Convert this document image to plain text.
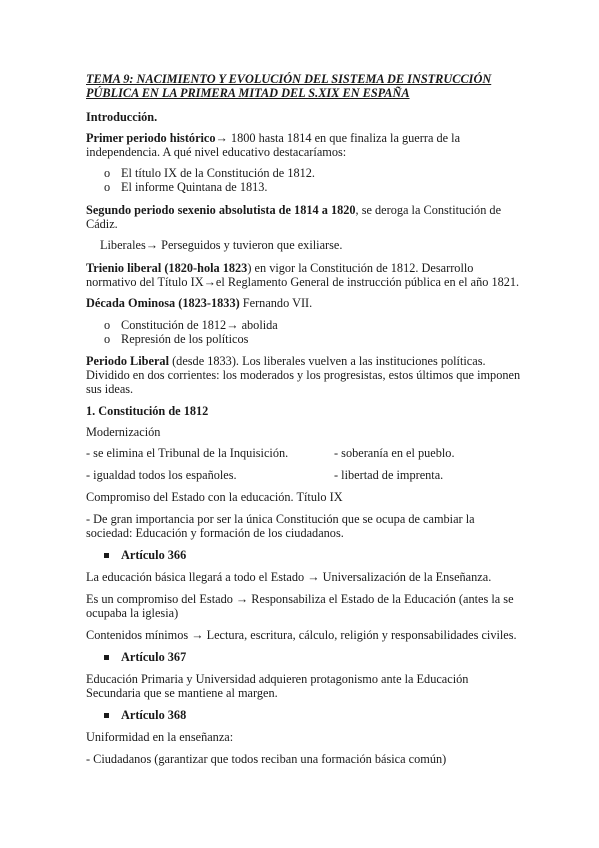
TEMA 9: NACIMIENTO Y EVOLUCIÓN DEL SISTEMA DE INSTRUCCIÓN
PÚBLICA EN LA PRIMERA MITAD DEL S.XIX EN ESPAÑA
Introducción.
Primer periodo histórico→ 1800 hasta 1814 en que finaliza la guerra de la
independencia. A qué nivel educativo destacaríamos:
o El título IX de la Constitución de 1812.
o El informe Quintana de 1813.
Segundo periodo sexenio absolutista de 1814 a 1820, se deroga la Constitución de
Cádiz.
Liberales→ Perseguidos y tuvieron que exiliarse.
Trienio liberal (1820-hola 1823) en vigor la Constitución de 1812. Desarrollo
normativo del Título IX→el Reglamento General de instrucción pública en el año 1821.
Década Ominosa (1823-1833) Fernando VII.
o Constitución de 1812→ abolida
o Represión de los políticos
Periodo Liberal (desde 1833). Los liberales vuelven a las instituciones políticas.
Dividido en dos corrientes: los moderados y los progresistas, estos últimos que imponen
sus ideas.
1. Constitución de 1812
Modernización
- se elimina el Tribunal de la Inquisición.	- soberanía en el pueblo.
- igualdad todos los españoles.	- libertad de imprenta.
Compromiso del Estado con la educación. Título IX
- De gran importancia por ser la única Constitución que se ocupa de cambiar la
sociedad: Educación y formación de los ciudadanos.
Artículo 366
La educación básica llegará a todo el Estado → Universalización de la Enseñanza.
Es un compromiso del Estado → Responsabiliza el Estado de la Educación (antes la se
ocupaba la iglesia)
Contenidos mínimos → Lectura, escritura, cálculo, religión y responsabilidades civiles.
Artículo 367
Educación Primaria y Universidad adquieren protagonismo ante la Educación
Secundaria que se mantiene al margen.
Artículo 368
Uniformidad en la enseñanza:
- Ciudadanos (garantizar que todos reciban una formación básica común)
